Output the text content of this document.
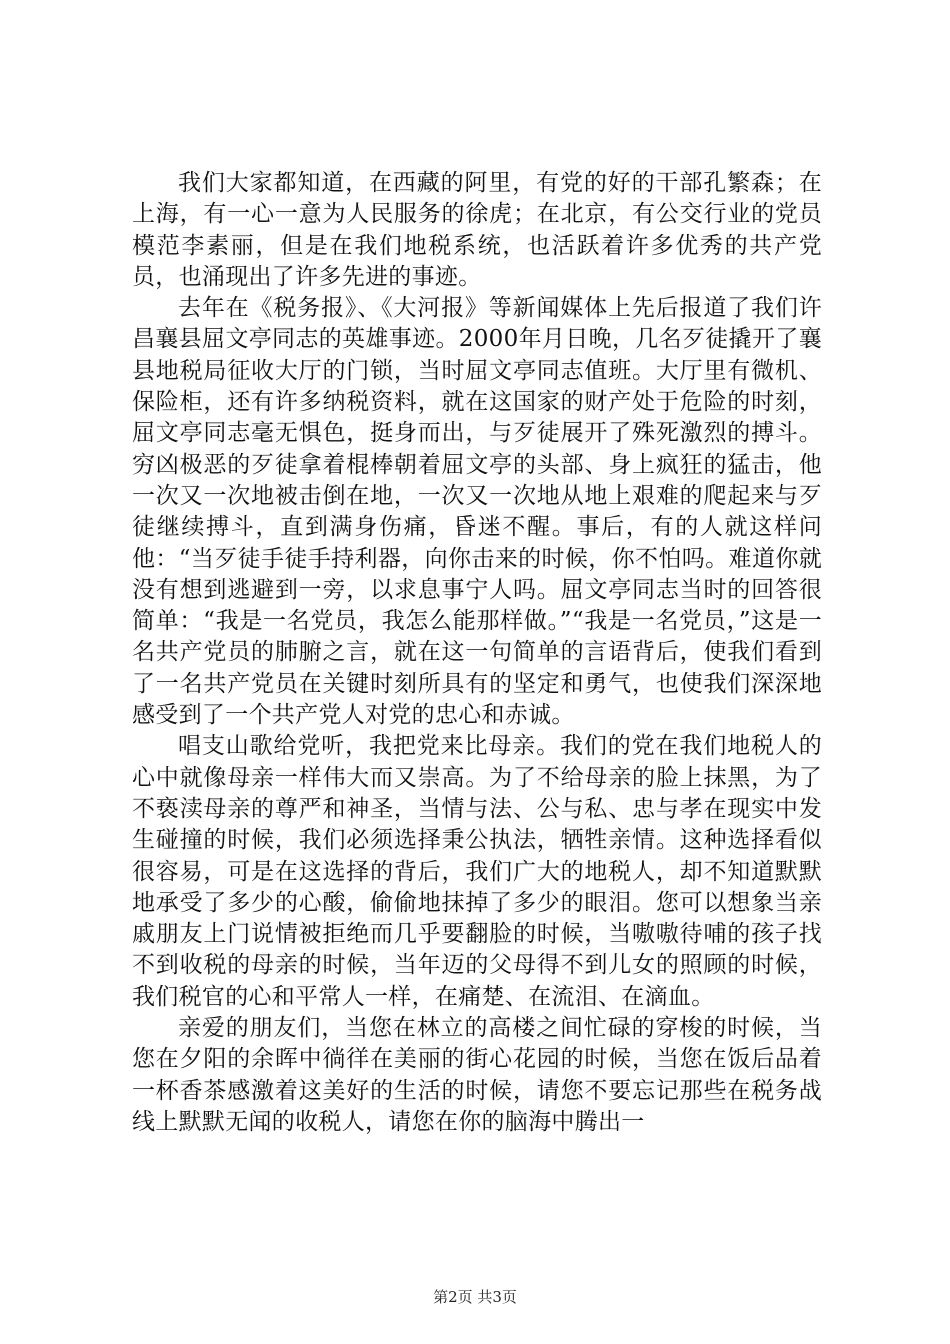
我们大家都知道，在西藏的阿里，有党的好的干部孔繁森；在上海，有一心一意为人民服务的徐虎；在北京，有公交行业的党员模范李素丽，但是在我们地税系统，也活跃着许多优秀的共产党员，也涌现出了许多先进的事迹。

去年在《税务报》、《大河报》等新闻媒体上先后报道了我们许昌襄县屈文亭同志的英雄事迹。2000年月日晚，几名歹徒撬开了襄县地税局征收大厅的门锁，当时屈文亭同志值班。大厅里有微机、保险柜，还有许多纳税资料，就在这国家的财产处于危险的时刻，屈文亭同志毫无惧色，挺身而出，与歹徒展开了殊死激烈的搏斗。穷凶极恶的歹徒拿着棍棒朝着屈文亭的头部、身上疯狂的猛击，他一次又一次地被击倒在地，一次又一次地从地上艰难的爬起来与歹徒继续搏斗，直到满身伤痛，昏迷不醒。事后，有的人就这样问他：“当歹徒手徒手持利器，向你击来的时候，你不怕吗。难道你就没有想到逃避到一旁，以求息事宁人吗。屈文亭同志当时的回答很简单：“我是一名党员，我怎么能那样做。”“我是一名党员，”这是一名共产党员的肺腑之言，就在这一句简单的言语背后，使我们看到了一名共产党员在关键时刻所具有的坚定和勇气，也使我们深深地感受到了一个共产党人对党的忠心和赤诚。

唱支山歌给党听，我把党来比母亲。我们的党在我们地税人的心中就像母亲一样伟大而又崇高。为了不给母亲的脸上抹黑，为了不亵渎母亲的尊严和神圣，当情与法、公与私、忠与孝在现实中发生碰撞的时候，我们必须选择秉公执法，牺牲亲情。这种选择看似很容易，可是在这选择的背后，我们广大的地税人，却不知道默默地承受了多少的心酸，偷偷地抹掉了多少的眼泪。您可以想象当亲戚朋友上门说情被拒绝而几乎要翻脸的时候，当嗷嗷待哺的孩子找不到收税的母亲的时候，当年迈的父母得不到儿女的照顾的时候，我们税官的心和平常人一样，在痛楚、在流泪、在滴血。

亲爱的朋友们，当您在林立的高楼之间忙碌的穿梭的时候，当您在夕阳的余晖中徜徉在美丽的街心花园的时候，当您在饭后品着一杯香茶感激着这美好的生活的时候，请您不要忘记那些在税务战线上默默无闻的收税人，请您在你的脑海中腾出一

第2页 共3页
